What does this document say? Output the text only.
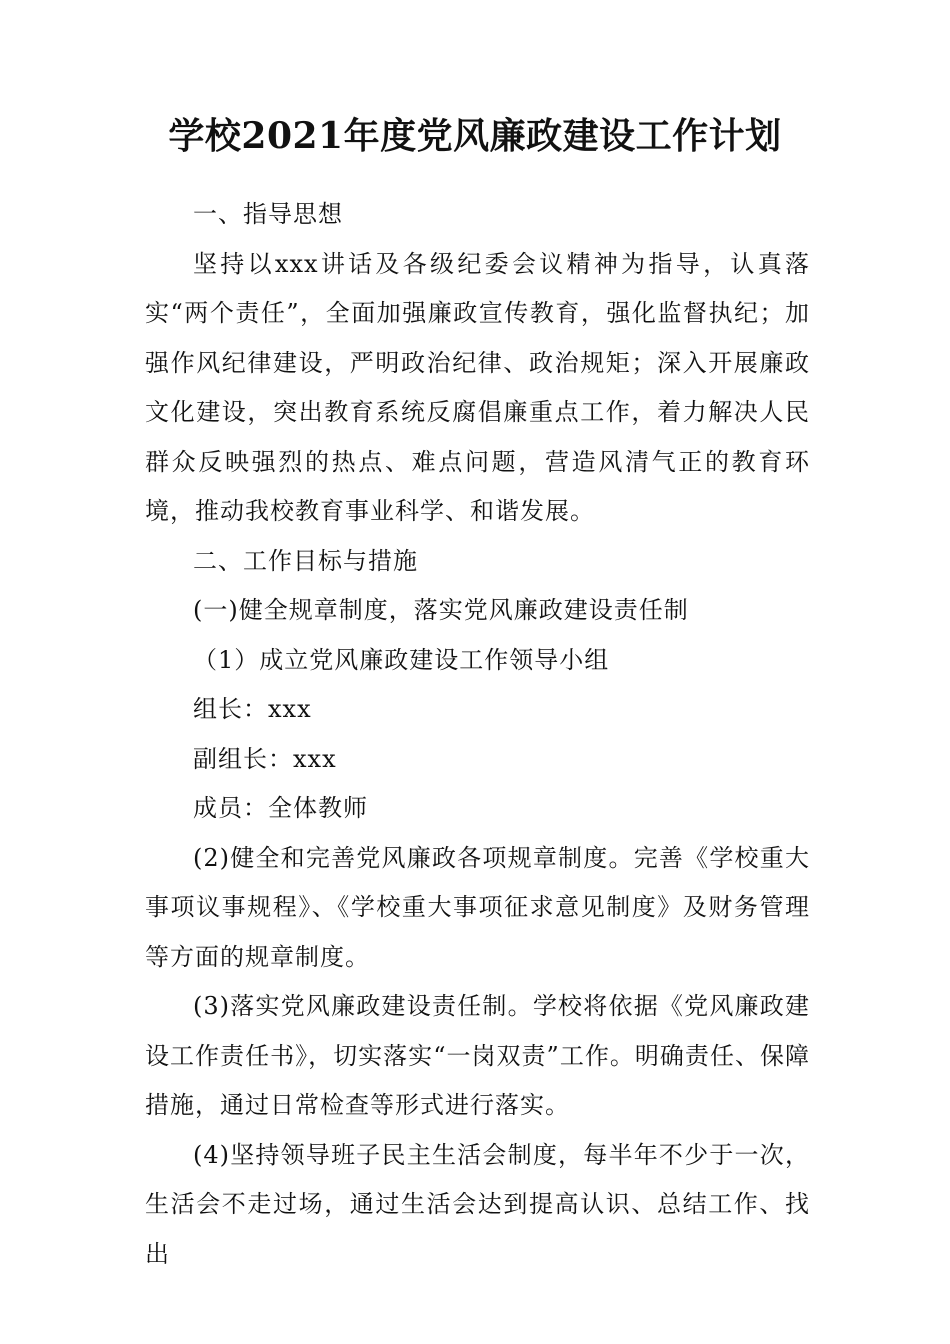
学校2021年度党风廉政建设工作计划

一、指导思想

坚持以xxx讲话及各级纪委会议精神为指导，认真落实“两个责任”，全面加强廉政宣传教育，强化监督执纪；加强作风纪律建设，严明政治纪律、政治规矩；深入开展廉政文化建设，突出教育系统反腐倡廉重点工作，着力解决人民群众反映强烈的热点、难点问题，营造风清气正的教育环境，推动我校教育事业科学、和谐发展。

二、工作目标与措施

(一)健全规章制度，落实党风廉政建设责任制

（1）成立党风廉政建设工作领导小组

组长：xxx

副组长：xxx

成员：全体教师

(2)健全和完善党风廉政各项规章制度。完善《学校重大事项议事规程》、《学校重大事项征求意见制度》及财务管理等方面的规章制度。

(3)落实党风廉政建设责任制。学校将依据《党风廉政建设工作责任书》，切实落实“一岗双责”工作。明确责任、保障措施，通过日常检查等形式进行落实。

(4)坚持领导班子民主生活会制度，每半年不少于一次，生活会不走过场，通过生活会达到提高认识、总结工作、找出
